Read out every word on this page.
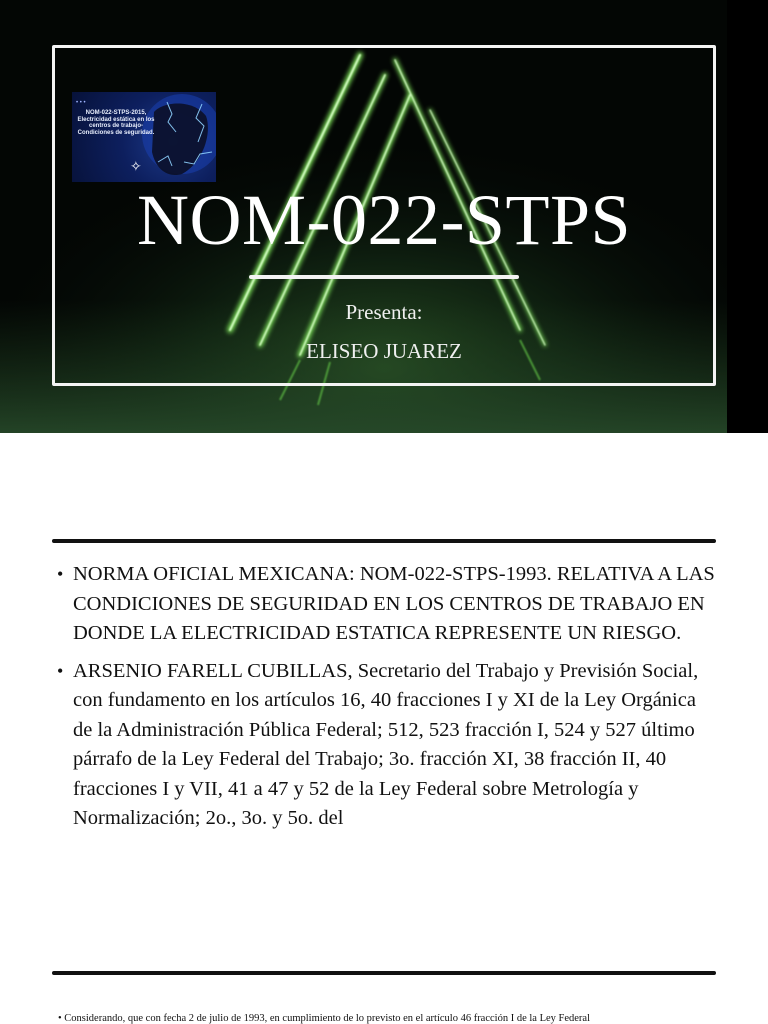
• • •
NOM-022-STPS-2015, Electricidad estática en los centros de trabajo- Condiciones de seguridad.
✧
NOM-022-STPS
Presenta:
ELISEO JUAREZ
• NORMA OFICIAL MEXICANA: NOM-022-STPS-1993. RELATIVA A LAS CONDICIONES DE SEGURIDAD EN LOS CENTROS DE TRABAJO EN DONDE LA ELECTRICIDAD ESTATICA REPRESENTE UN RIESGO.
• ARSENIO FARELL CUBILLAS, Secretario del Trabajo y Previsión Social, con fundamento en los artículos 16, 40 fracciones I y XI de la Ley Orgánica de la Administración Pública Federal; 512, 523 fracción I, 524 y 527 último párrafo de la Ley Federal del Trabajo; 3o. fracción XI, 38 fracción II, 40 fracciones I y VII, 41 a 47 y 52 de la Ley Federal sobre Metrología y Normalización; 2o., 3o. y 5o. del
• Considerando, que con fecha 2 de julio de 1993, en cumplimiento de lo previsto en el artículo 46 fracción I de la Ley Federal
